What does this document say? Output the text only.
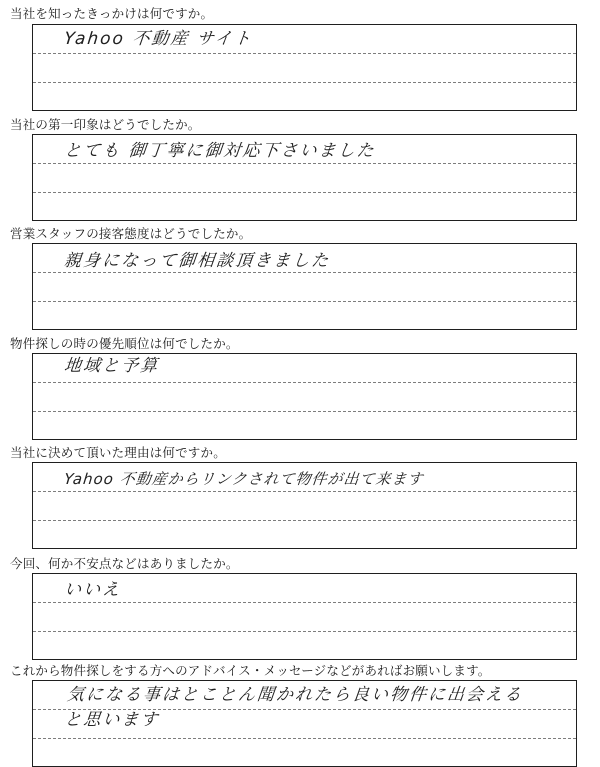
当社を知ったきっかけは何ですか。
Yahoo 不動産 サイト
当社の第一印象はどうでしたか。
とても 御丁寧に御対応下さいました
営業スタッフの接客態度はどうでしたか。
親身になって御相談頂きました
物件探しの時の優先順位は何でしたか。
地域と予算
当社に決めて頂いた理由は何ですか。
Yahoo 不動産からリンクされて物件が出て来ます
今回、何か不安点などはありましたか。
いいえ
これから物件探しをする方へのアドバイス・メッセージなどがあればお願いします。
気になる事はとことん聞かれたら良い物件に出会えると思います
